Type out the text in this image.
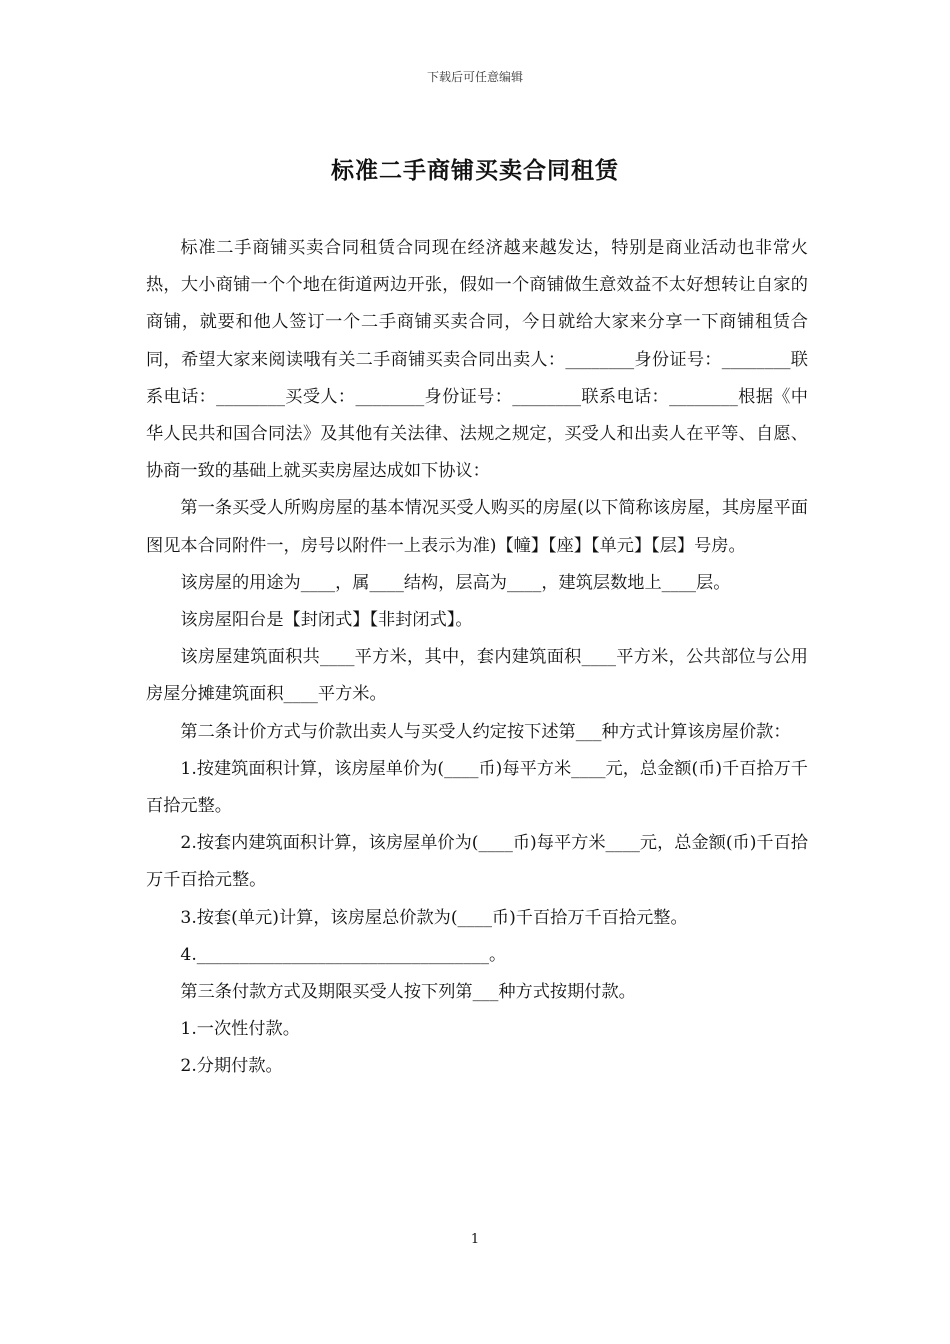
下载后可任意编辑
标准二手商铺买卖合同租赁

标准二手商铺买卖合同租赁合同现在经济越来越发达，特别是商业活动也非常火热，大小商铺一个个地在街道两边开张，假如一个商铺做生意效益不太好想转让自家的商铺，就要和他人签订一个二手商铺买卖合同，今日就给大家来分享一下商铺租赁合同，希望大家来阅读哦有关二手商铺买卖合同出卖人：________身份证号：________联系电话：________买受人：________身份证号：________联系电话：________根据《中华人民共和国合同法》及其他有关法律、法规之规定，买受人和出卖人在平等、自愿、协商一致的基础上就买卖房屋达成如下协议：

第一条买受人所购房屋的基本情况买受人购买的房屋(以下简称该房屋，其房屋平面图见本合同附件一，房号以附件一上表示为准)【幢】【座】【单元】【层】号房。

该房屋的用途为____，属____结构，层高为____，建筑层数地上____层。

该房屋阳台是【封闭式】【非封闭式】。

该房屋建筑面积共____平方米，其中，套内建筑面积____平方米，公共部位与公用房屋分摊建筑面积____平方米。

第二条计价方式与价款出卖人与买受人约定按下述第___种方式计算该房屋价款：

1.按建筑面积计算，该房屋单价为(____币)每平方米____元，总金额(币)千百拾万千百拾元整。

2.按套内建筑面积计算，该房屋单价为(____币)每平方米____元，总金额(币)千百拾万千百拾元整。

3.按套(单元)计算，该房屋总价款为(____币)千百拾万千百拾元整。

4.__________________________________。

第三条付款方式及期限买受人按下列第___种方式按期付款。

1.一次性付款。

2.分期付款。

1
